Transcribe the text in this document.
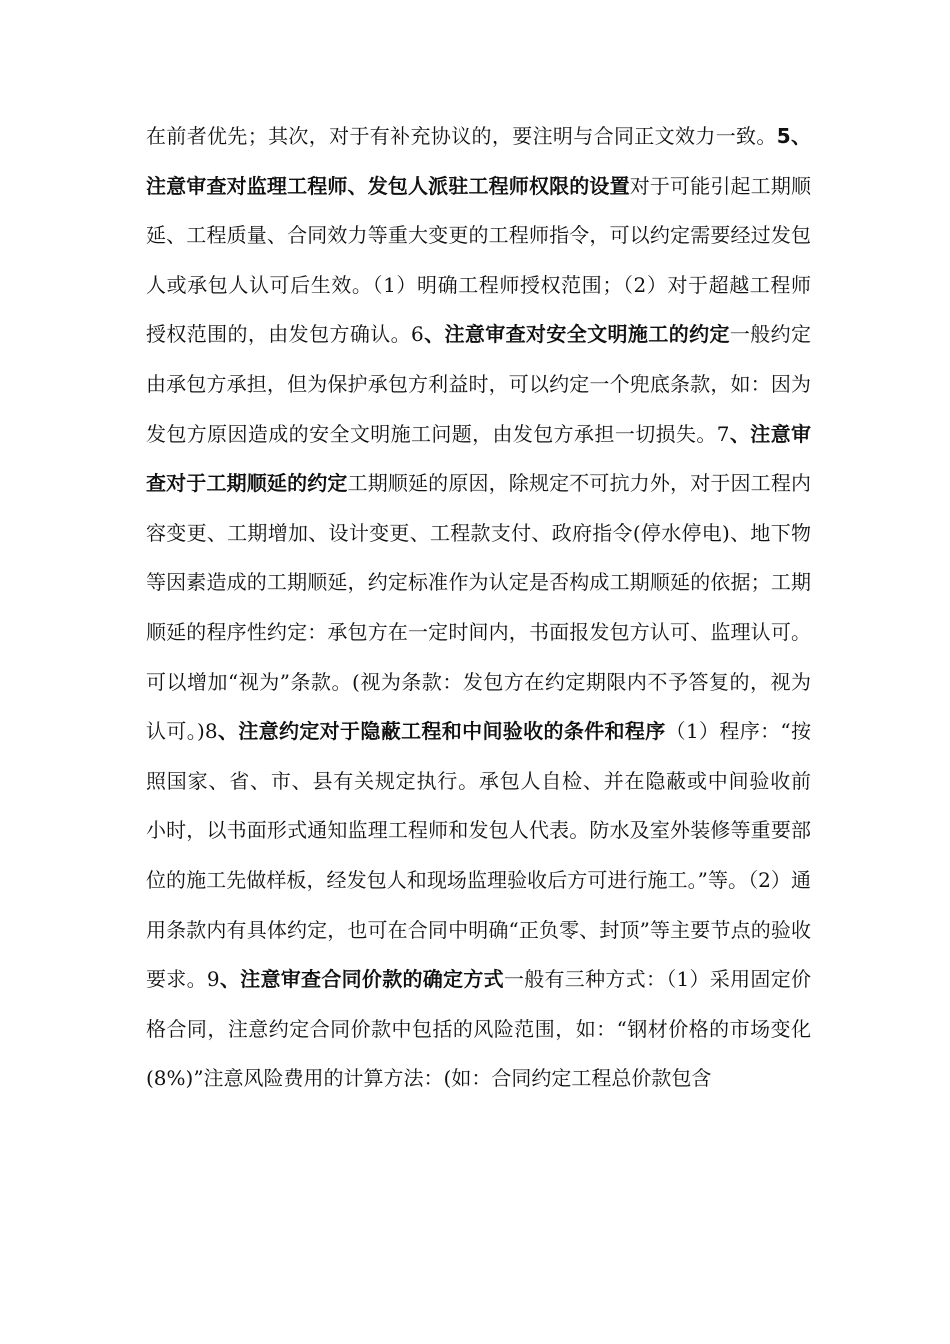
在前者优先；其次，对于有补充协议的，要注明与合同正文效力一致。5、注意审查对监理工程师、发包人派驻工程师权限的设置对于可能引起工期顺延、工程质量、合同效力等重大变更的工程师指令，可以约定需要经过发包人或承包人认可后生效。（1）明确工程师授权范围；（2）对于超越工程师授权范围的，由发包方确认。6、注意审查对安全文明施工的约定一般约定由承包方承担，但为保护承包方利益时，可以约定一个兜底条款，如：因为发包方原因造成的安全文明施工问题，由发包方承担一切损失。7、注意审查对于工期顺延的约定工期顺延的原因，除规定不可抗力外，对于因工程内容变更、工期增加、设计变更、工程款支付、政府指令(停水停电)、地下物等因素造成的工期顺延，约定标准作为认定是否构成工期顺延的依据；工期顺延的程序性约定：承包方在一定时间内，书面报发包方认可、监理认可。可以增加“视为”条款。(视为条款：发包方在约定期限内不予答复的，视为认可。)8、注意约定对于隐蔽工程和中间验收的条件和程序（1）程序：“按照国家、省、市、县有关规定执行。承包人自检、并在隐蔽或中间验收前　小时，以书面形式通知监理工程师和发包人代表。防水及室外装修等重要部位的施工先做样板，经发包人和现场监理验收后方可进行施工。”等。（2）通用条款内有具体约定，也可在合同中明确“正负零、封顶”等主要节点的验收要求。9、注意审查合同价款的确定方式一般有三种方式：（1）采用固定价格合同，注意约定合同价款中包括的风险范围，如：“钢材价格的市场变化(8%)”注意风险费用的计算方法：(如：合同约定工程总价款包含
